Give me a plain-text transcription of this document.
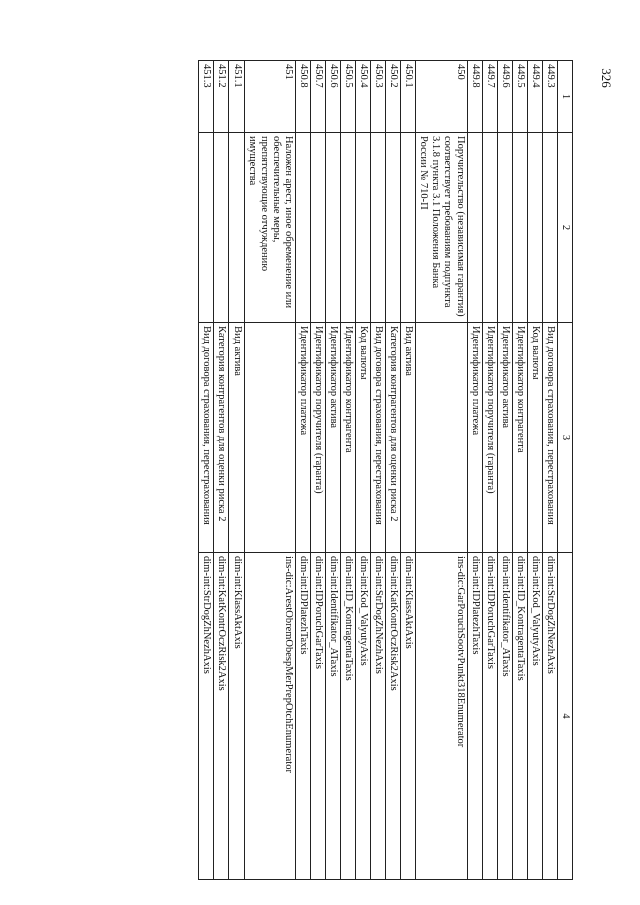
326
1	2	3	4
449.3		Вид договора страхования, перестрахования	dim-int:StrDogZhNezhAxis
449.4		Код валюты	dim-int:Kod_ValyutyAxis
449.5		Идентификатор контрагента	dim-int:ID_KontragentaTaxis
449.6		Идентификатор актива	dim-int:Identifikator_ATaxis
449.7		Идентификатор поручителя (гаранта)	dim-int:IDPoruchGarTaxis
449.8		Идентификатор платежа	dim-int:IDPlatezhTaxis
450	Поручительство (независимая гарантия) соответствует требованиям подпункта 3.1.8 пункта 3.1 Положения Банка России № 710-П		ins-dic:GarPoruchSootvPunkt318Enumerator
450.1		Вид актива	dim-int:KlassAktAxis
450.2		Категория контрагентов для оценки риска 2	dim-int:KatKontrOczRisk2Axis
450.3		Вид договора страхования, перестрахования	dim-int:StrDogZhNezhAxis
450.4		Код валюты	dim-int:Kod_ValyutyAxis
450.5		Идентификатор контрагента	dim-int:ID_KontragentaTaxis
450.6		Идентификатор актива	dim-int:Identifikator_ATaxis
450.7		Идентификатор поручителя (гаранта)	dim-int:IDPoruchGarTaxis
450.8		Идентификатор платежа	dim-int:IDPlatezhTaxis
451	Наложен арест, иное обременение или обеспечительные меры, препятствующие отчуждению имущества		ins-dic:ArestObremObespMerPrepOtchEnumerator
451.1		Вид актива	dim-int:KlassAktAxis
451.2		Категория контрагентов для оценки риска 2	dim-int:KatKontrOczRisk2Axis
451.3		Вид договора страхования, перестрахования	dim-int:StrDogZhNezhAxis
